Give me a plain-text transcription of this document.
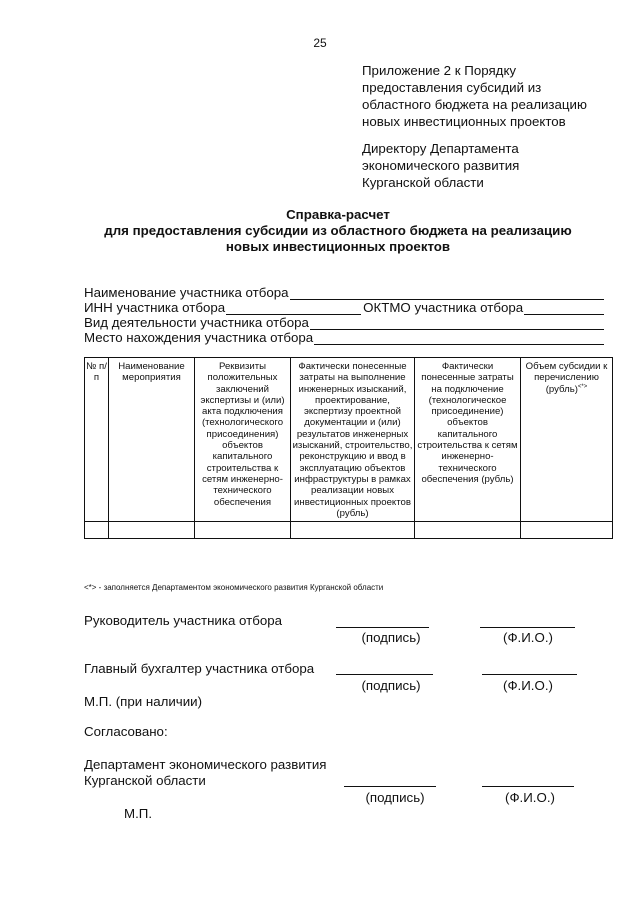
25
Приложение 2 к Порядку
предоставления субсидий из
областного бюджета на реализацию
новых инвестиционных проектов
Директору Департамента
экономического развития
Курганской области
Справка-расчет
для предоставления субсидии из областного бюджета на реализацию
новых инвестиционных проектов
Наименование участника отбора
ИНН участника отбора	ОКТМО участника отбора
Вид деятельности участника отбора
Место нахождения участника отбора
№ п/п	Наименование мероприятия	Реквизиты положительных заключений экспертизы и (или) акта подключения (технологического присоединения) объектов капитального строительства к сетям инженерно-технического обеспечения	Фактически понесенные затраты на выполнение инженерных изысканий, проектирование, экспертизу проектной документации и (или) результатов инженерных изысканий, строительство, реконструкцию и ввод в эксплуатацию объектов инфраструктуры в рамках реализации новых инвестиционных проектов (рубль)	Фактически понесенные затраты на подключение (технологическое присоединение) объектов капитального строительства к сетям инженерно-технического обеспечения (рубль)	Объем субсидии к перечислению (рубль)<*>

<*> - заполняется Департаментом экономического развития Курганской области
Руководитель участника отбора
(подпись)	(Ф.И.О.)
Главный бухгалтер участника отбора
(подпись)	(Ф.И.О.)
М.П. (при наличии)
Согласовано:
Департамент экономического развития
Курганской области
(подпись)	(Ф.И.О.)
М.П.
